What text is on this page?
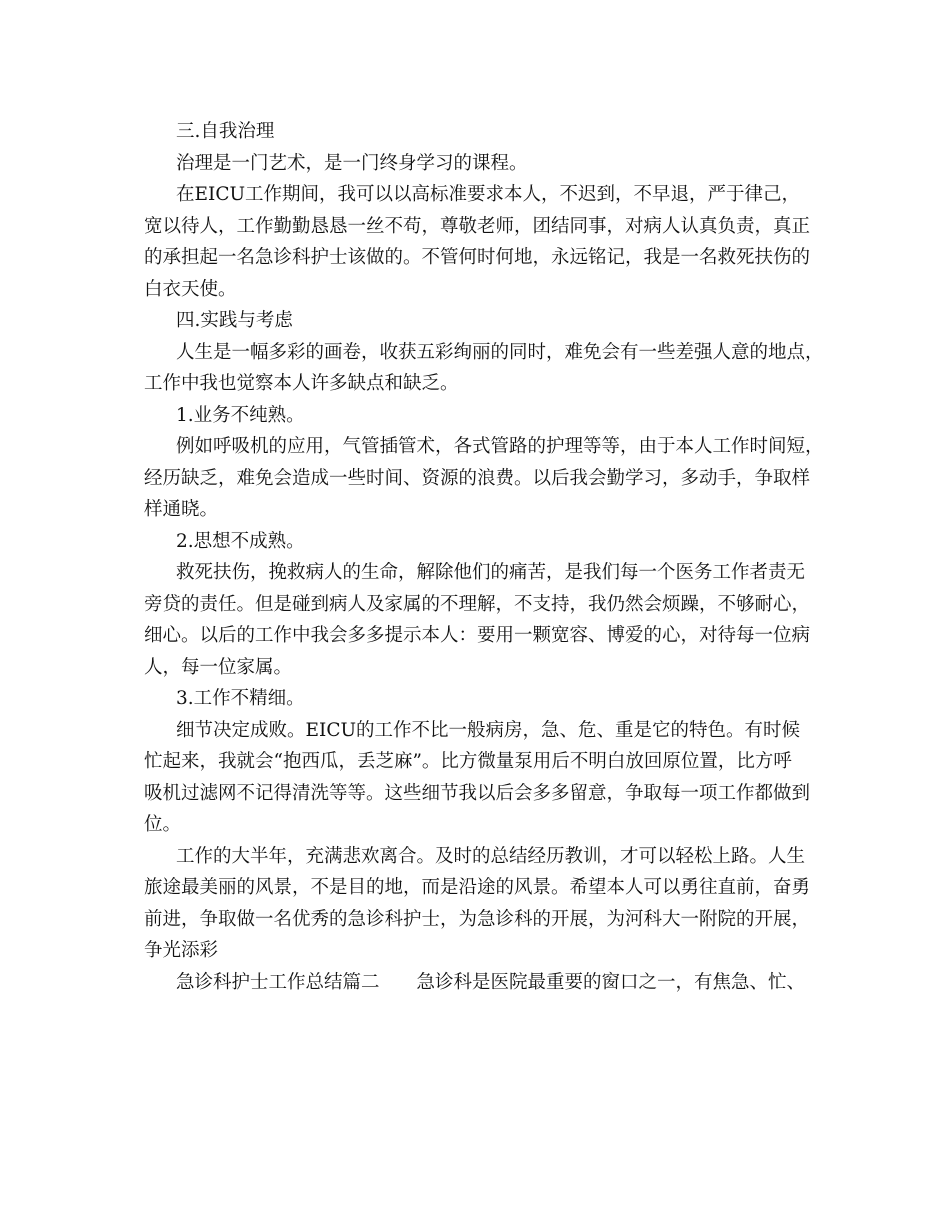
三.自我治理

治理是一门艺术，是一门终身学习的课程。

在EICU工作期间，我可以以高标准要求本人，不迟到，不早退，严于律己，

宽以待人，工作勤勤恳恳一丝不苟，尊敬老师，团结同事，对病人认真负责，真正

的承担起一名急诊科护士该做的。不管何时何地，永远铭记，我是一名救死扶伤的

白衣天使。

四.实践与考虑

人生是一幅多彩的画卷，收获五彩绚丽的同时，难免会有一些差强人意的地点，

工作中我也觉察本人许多缺点和缺乏。

1.业务不纯熟。

例如呼吸机的应用，气管插管术，各式管路的护理等等，由于本人工作时间短，

经历缺乏，难免会造成一些时间、资源的浪费。以后我会勤学习，多动手，争取样

样通晓。

2.思想不成熟。

救死扶伤，挽救病人的生命，解除他们的痛苦，是我们每一个医务工作者责无

旁贷的责任。但是碰到病人及家属的不理解，不支持，我仍然会烦躁，不够耐心，

细心。以后的工作中我会多多提示本人：要用一颗宽容、博爱的心，对待每一位病

人，每一位家属。

3.工作不精细。

细节决定成败。EICU的工作不比一般病房，急、危、重是它的特色。有时候

忙起来，我就会“抱西瓜，丢芝麻”。比方微量泵用后不明白放回原位置，比方呼

吸机过滤网不记得清洗等等。这些细节我以后会多多留意，争取每一项工作都做到

位。

工作的大半年，充满悲欢离合。及时的总结经历教训，才可以轻松上路。人生

旅途最美丽的风景，不是目的地，而是沿途的风景。希望本人可以勇往直前，奋勇

前进，争取做一名优秀的急诊科护士，为急诊科的开展，为河科大一附院的开展，

争光添彩

急诊科护士工作总结篇二　　急诊科是医院最重要的窗口之一，有焦急、忙、
